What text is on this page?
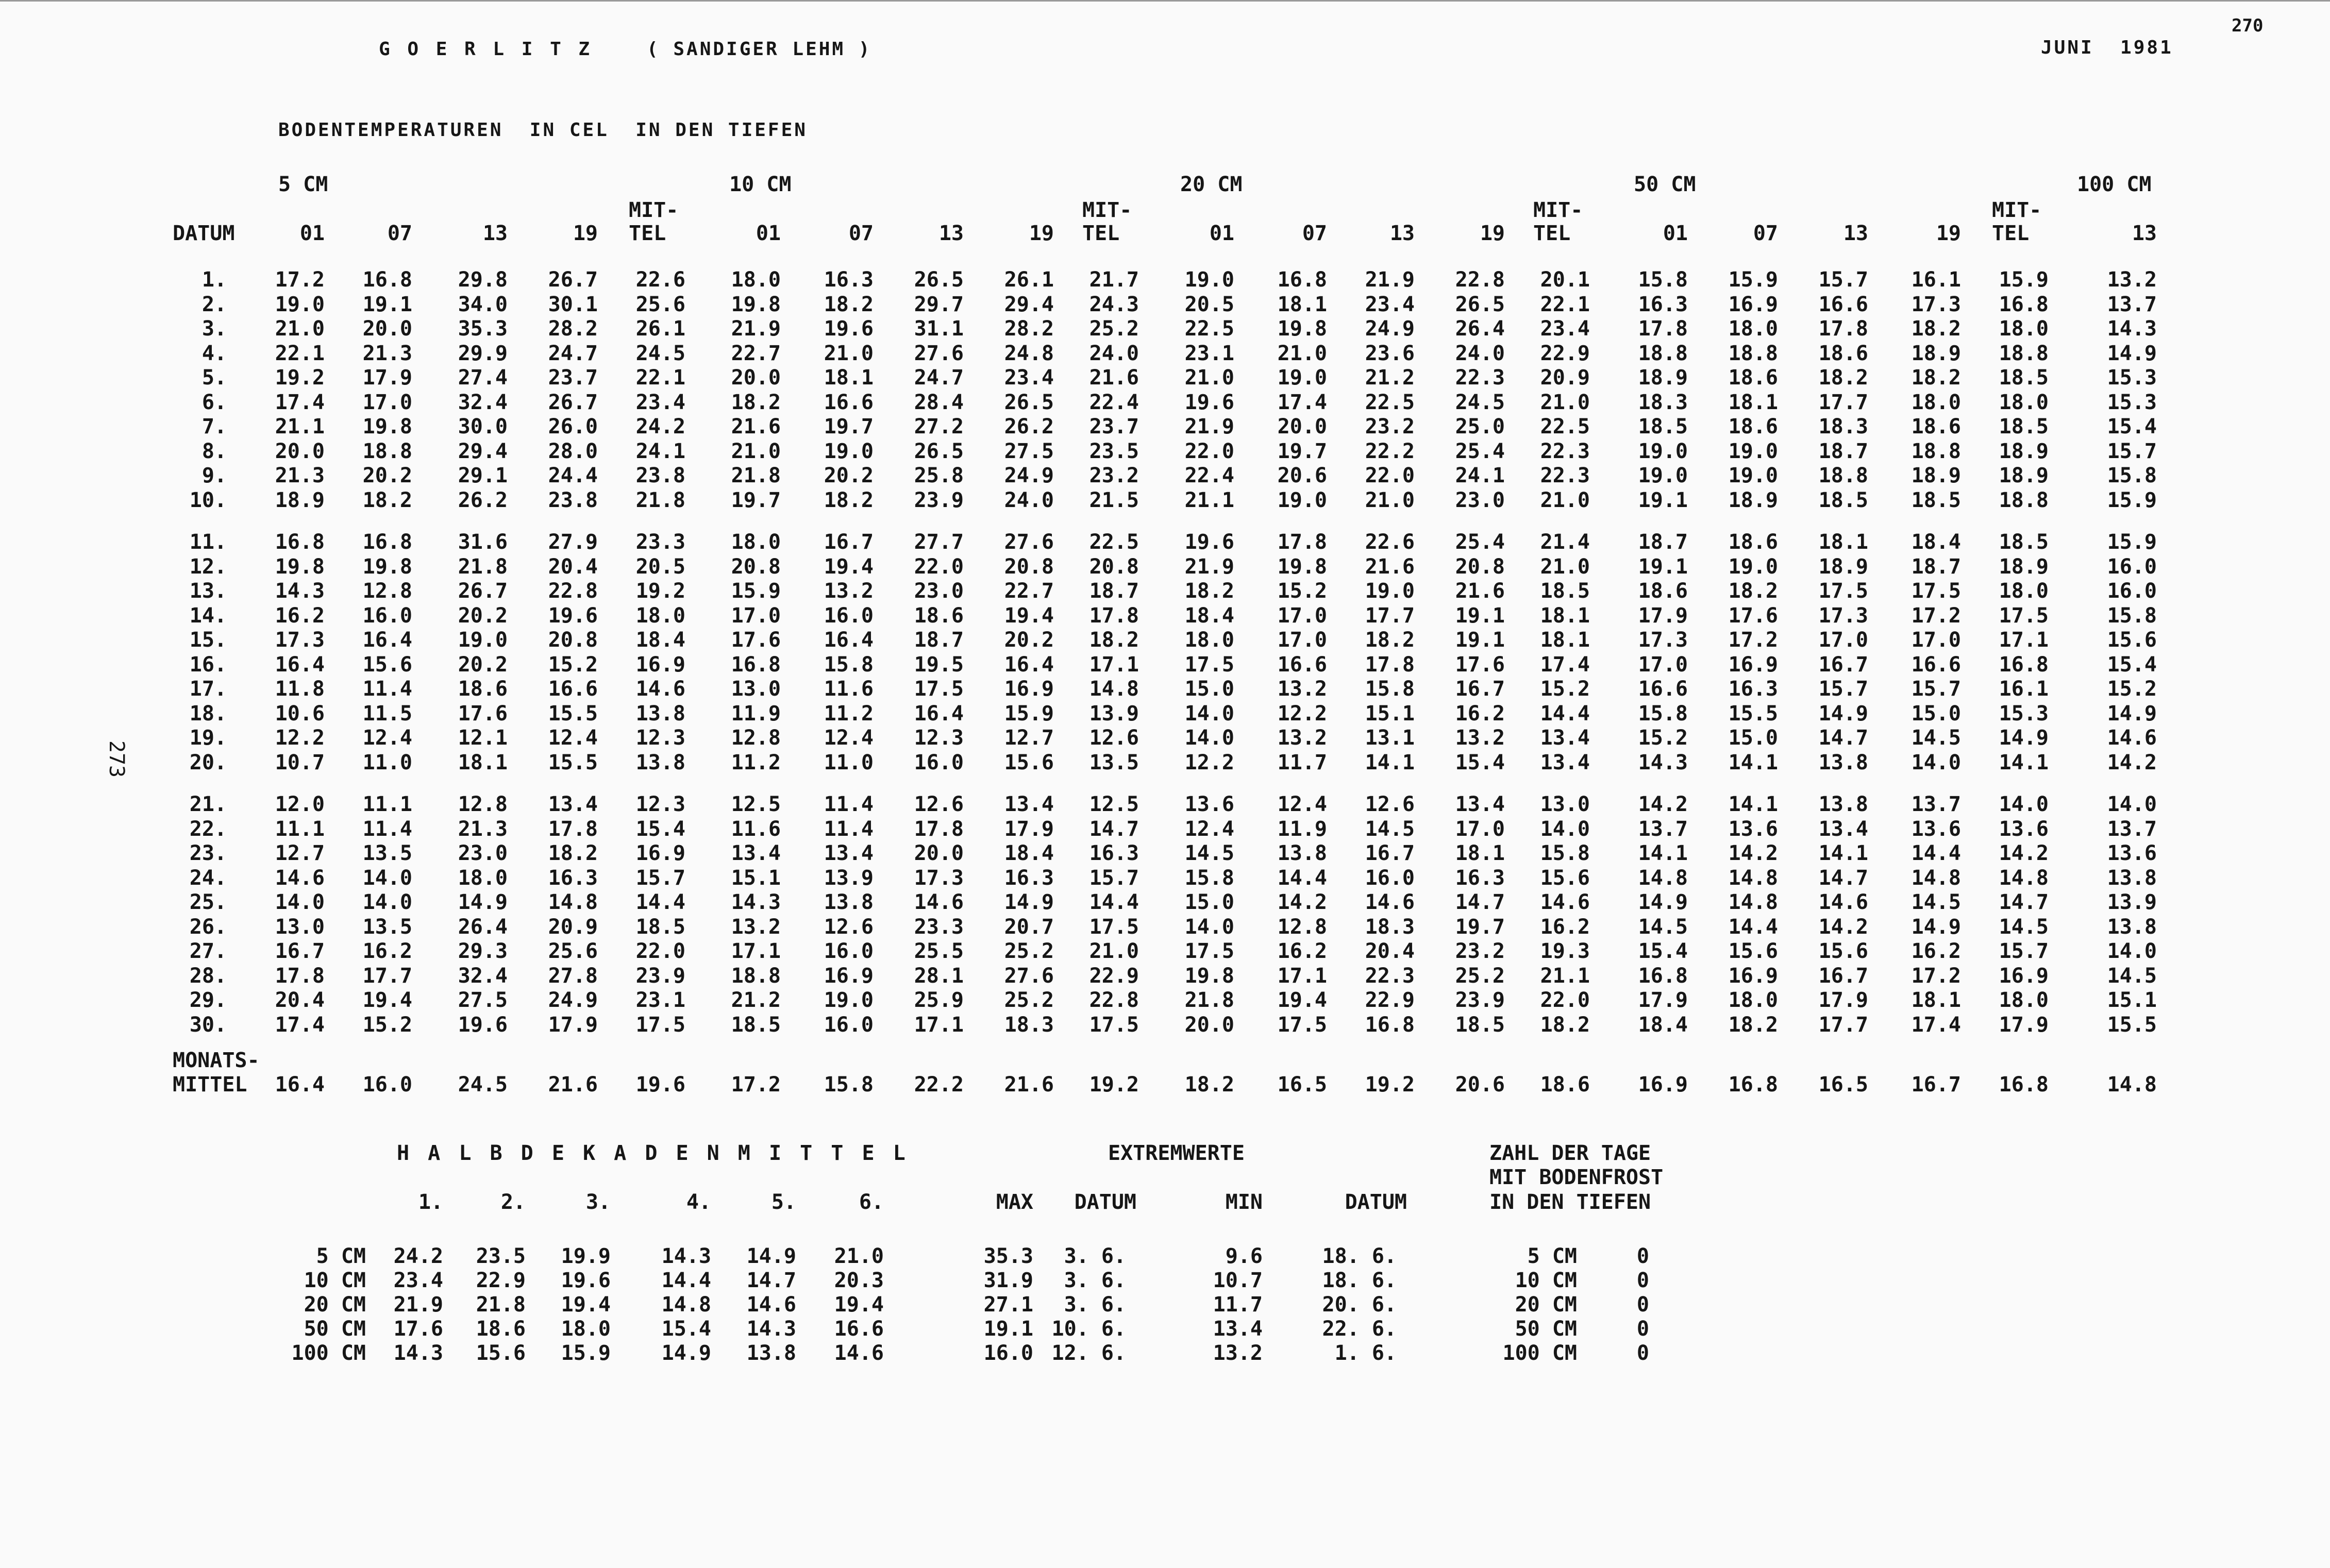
G O E R L I T Z	( SANDIGER LEHM )	JUNI  1981
270
273
BODENTEMPERATUREN  IN CEL  IN DEN TIEFEN
5 CM	10 CM	20 CM	50 CM	100 CM
DATUM	01	07	13	19
MIT-
TEL	01	07	13	19
MIT-
TEL	01	07	13	19
MIT-
TEL	01	07	13	19
MIT-
TEL	13
1.	17.2	16.8	29.8	26.7	22.6	18.0	16.3	26.5	26.1	21.7	19.0	16.8	21.9	22.8	20.1	15.8	15.9	15.7	16.1	15.9	13.2
2.	19.0	19.1	34.0	30.1	25.6	19.8	18.2	29.7	29.4	24.3	20.5	18.1	23.4	26.5	22.1	16.3	16.9	16.6	17.3	16.8	13.7
3.	21.0	20.0	35.3	28.2	26.1	21.9	19.6	31.1	28.2	25.2	22.5	19.8	24.9	26.4	23.4	17.8	18.0	17.8	18.2	18.0	14.3
4.	22.1	21.3	29.9	24.7	24.5	22.7	21.0	27.6	24.8	24.0	23.1	21.0	23.6	24.0	22.9	18.8	18.8	18.6	18.9	18.8	14.9
5.	19.2	17.9	27.4	23.7	22.1	20.0	18.1	24.7	23.4	21.6	21.0	19.0	21.2	22.3	20.9	18.9	18.6	18.2	18.2	18.5	15.3
6.	17.4	17.0	32.4	26.7	23.4	18.2	16.6	28.4	26.5	22.4	19.6	17.4	22.5	24.5	21.0	18.3	18.1	17.7	18.0	18.0	15.3
7.	21.1	19.8	30.0	26.0	24.2	21.6	19.7	27.2	26.2	23.7	21.9	20.0	23.2	25.0	22.5	18.5	18.6	18.3	18.6	18.5	15.4
8.	20.0	18.8	29.4	28.0	24.1	21.0	19.0	26.5	27.5	23.5	22.0	19.7	22.2	25.4	22.3	19.0	19.0	18.7	18.8	18.9	15.7
9.	21.3	20.2	29.1	24.4	23.8	21.8	20.2	25.8	24.9	23.2	22.4	20.6	22.0	24.1	22.3	19.0	19.0	18.8	18.9	18.9	15.8
10.	18.9	18.2	26.2	23.8	21.8	19.7	18.2	23.9	24.0	21.5	21.1	19.0	21.0	23.0	21.0	19.1	18.9	18.5	18.5	18.8	15.9
11.	16.8	16.8	31.6	27.9	23.3	18.0	16.7	27.7	27.6	22.5	19.6	17.8	22.6	25.4	21.4	18.7	18.6	18.1	18.4	18.5	15.9
12.	19.8	19.8	21.8	20.4	20.5	20.8	19.4	22.0	20.8	20.8	21.9	19.8	21.6	20.8	21.0	19.1	19.0	18.9	18.7	18.9	16.0
13.	14.3	12.8	26.7	22.8	19.2	15.9	13.2	23.0	22.7	18.7	18.2	15.2	19.0	21.6	18.5	18.6	18.2	17.5	17.5	18.0	16.0
14.	16.2	16.0	20.2	19.6	18.0	17.0	16.0	18.6	19.4	17.8	18.4	17.0	17.7	19.1	18.1	17.9	17.6	17.3	17.2	17.5	15.8
15.	17.3	16.4	19.0	20.8	18.4	17.6	16.4	18.7	20.2	18.2	18.0	17.0	18.2	19.1	18.1	17.3	17.2	17.0	17.0	17.1	15.6
16.	16.4	15.6	20.2	15.2	16.9	16.8	15.8	19.5	16.4	17.1	17.5	16.6	17.8	17.6	17.4	17.0	16.9	16.7	16.6	16.8	15.4
17.	11.8	11.4	18.6	16.6	14.6	13.0	11.6	17.5	16.9	14.8	15.0	13.2	15.8	16.7	15.2	16.6	16.3	15.7	15.7	16.1	15.2
18.	10.6	11.5	17.6	15.5	13.8	11.9	11.2	16.4	15.9	13.9	14.0	12.2	15.1	16.2	14.4	15.8	15.5	14.9	15.0	15.3	14.9
19.	12.2	12.4	12.1	12.4	12.3	12.8	12.4	12.3	12.7	12.6	14.0	13.2	13.1	13.2	13.4	15.2	15.0	14.7	14.5	14.9	14.6
20.	10.7	11.0	18.1	15.5	13.8	11.2	11.0	16.0	15.6	13.5	12.2	11.7	14.1	15.4	13.4	14.3	14.1	13.8	14.0	14.1	14.2
21.	12.0	11.1	12.8	13.4	12.3	12.5	11.4	12.6	13.4	12.5	13.6	12.4	12.6	13.4	13.0	14.2	14.1	13.8	13.7	14.0	14.0
22.	11.1	11.4	21.3	17.8	15.4	11.6	11.4	17.8	17.9	14.7	12.4	11.9	14.5	17.0	14.0	13.7	13.6	13.4	13.6	13.6	13.7
23.	12.7	13.5	23.0	18.2	16.9	13.4	13.4	20.0	18.4	16.3	14.5	13.8	16.7	18.1	15.8	14.1	14.2	14.1	14.4	14.2	13.6
24.	14.6	14.0	18.0	16.3	15.7	15.1	13.9	17.3	16.3	15.7	15.8	14.4	16.0	16.3	15.6	14.8	14.8	14.7	14.8	14.8	13.8
25.	14.0	14.0	14.9	14.8	14.4	14.3	13.8	14.6	14.9	14.4	15.0	14.2	14.6	14.7	14.6	14.9	14.8	14.6	14.5	14.7	13.9
26.	13.0	13.5	26.4	20.9	18.5	13.2	12.6	23.3	20.7	17.5	14.0	12.8	18.3	19.7	16.2	14.5	14.4	14.2	14.9	14.5	13.8
27.	16.7	16.2	29.3	25.6	22.0	17.1	16.0	25.5	25.2	21.0	17.5	16.2	20.4	23.2	19.3	15.4	15.6	15.6	16.2	15.7	14.0
28.	17.8	17.7	32.4	27.8	23.9	18.8	16.9	28.1	27.6	22.9	19.8	17.1	22.3	25.2	21.1	16.8	16.9	16.7	17.2	16.9	14.5
29.	20.4	19.4	27.5	24.9	23.1	21.2	19.0	25.9	25.2	22.8	21.8	19.4	22.9	23.9	22.0	17.9	18.0	17.9	18.1	18.0	15.1
30.	17.4	15.2	19.6	17.9	17.5	18.5	16.0	17.1	18.3	17.5	20.0	17.5	16.8	18.5	18.2	18.4	18.2	17.7	17.4	17.9	15.5
MONATS-
MITTEL	16.4	16.0	24.5	21.6	19.6	17.2	15.8	22.2	21.6	19.2	18.2	16.5	19.2	20.6	18.6	16.9	16.8	16.5	16.7	16.8	14.8
H A L B D E K A D E N M I T T E L
1.	2.	3.	4.	5.	6.
5 CM	24.2	23.5	19.9	14.3	14.9	21.0
10 CM	23.4	22.9	19.6	14.4	14.7	20.3
20 CM	21.9	21.8	19.4	14.8	14.6	19.4
50 CM	17.6	18.6	18.0	15.4	14.3	16.6
100 CM	14.3	15.6	15.9	14.9	13.8	14.6
EXTREMWERTE
MAX	DATUM	MIN	DATUM
35.3	3. 6.	9.6	18. 6.
31.9	3. 6.	10.7	18. 6.
27.1	3. 6.	11.7	20. 6.
19.1 10. 6.	13.4	22. 6.
16.0 12. 6.	13.2	1. 6.
ZAHL DER TAGE
MIT BODENFROST
IN DEN TIEFEN
5 CM	0
10 CM	0
20 CM	0
50 CM	0
100 CM	0
